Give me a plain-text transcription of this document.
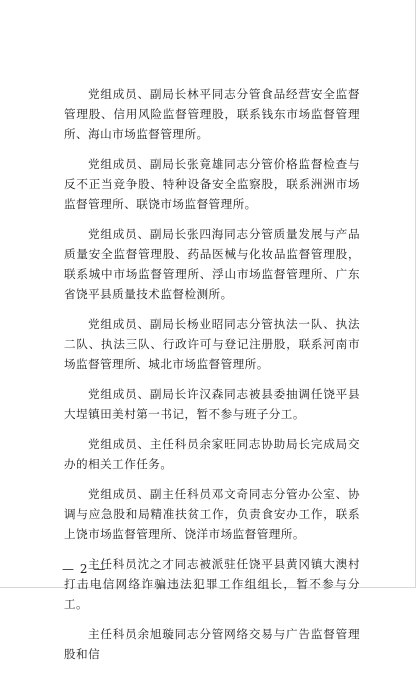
党组成员、副局长林平同志分管食品经营安全监督管理股、信用风险监督管理股，联系钱东市场监督管理所、海山市场监督管理所。

党组成员、副局长张竟雄同志分管价格监督检查与反不正当竞争股、特种设备安全监察股，联系洲洲市场监督管理所、联饶市场监督管理所。

党组成员、副局长张四海同志分管质量发展与产品质量安全监督管理股、药品医械与化妆品监督管理股，联系城中市场监督管理所、浮山市场监督管理所、广东省饶平县质量技术监督检测所。

党组成员、副局长杨业昭同志分管执法一队、执法二队、执法三队、行政许可与登记注册股，联系河南市场监督管理所、城北市场监督管理所。

党组成员、副局长许汉森同志被县委抽调任饶平县大埕镇田美村第一书记，暂不参与班子分工。

党组成员、主任科员余家旺同志协助局长完成局交办的相关工作任务。

党组成员、副主任科员邓文奇同志分管办公室、协调与应急股和局精准扶贫工作，负责食安办工作，联系上饶市场监督管理所、饶洋市场监督管理所。

主任科员沈之才同志被派驻任饶平县黄冈镇大澳村打击电信网络诈骗违法犯罪工作组组长，暂不参与分工。

主任科员余旭璇同志分管网络交易与广告监督管理股和信

— 2 —
